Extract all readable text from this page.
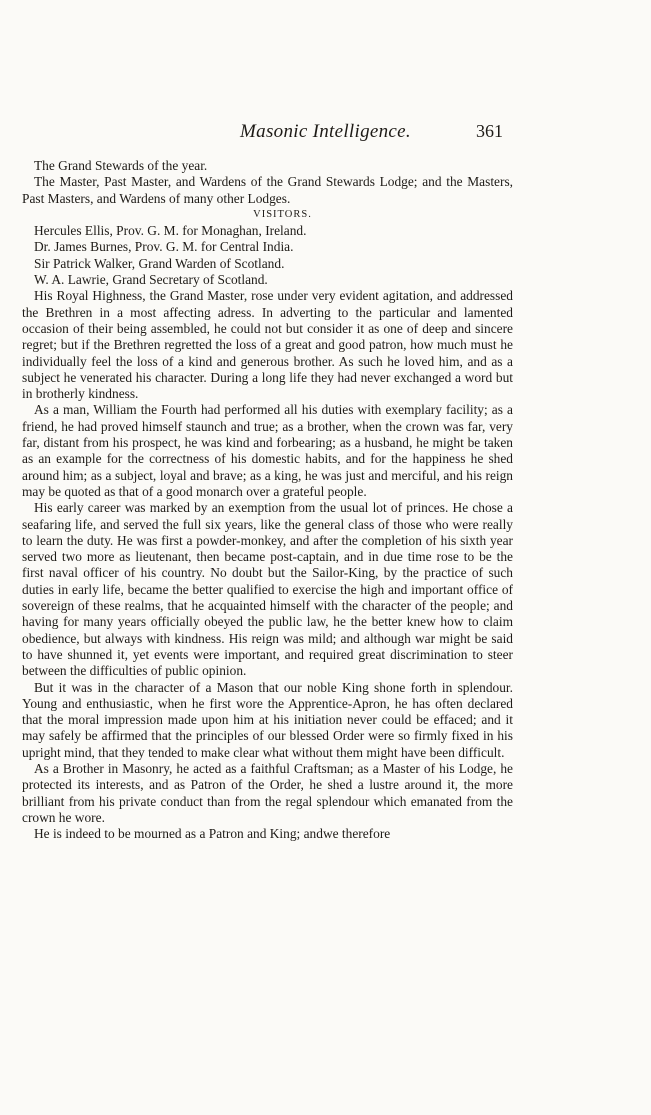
Masonic Intelligence.	361

The Grand Stewards of the year.

The Master, Past Master, and Wardens of the Grand Stewards Lodge; and the Masters, Past Masters, and Wardens of many other Lodges.

VISITORS.

Hercules Ellis, Prov. G. M. for Monaghan, Ireland.

Dr. James Burnes, Prov. G. M. for Central India.

Sir Patrick Walker, Grand Warden of Scotland.

W. A. Lawrie, Grand Secretary of Scotland.

His Royal Highness, the Grand Master, rose under very evident agitation, and addressed the Brethren in a most affecting adress. In adverting to the particular and lamented occasion of their being assembled, he could not but consider it as one of deep and sincere regret; but if the Brethren regretted the loss of a great and good patron, how much must he individually feel the loss of a kind and generous brother. As such he loved him, and as a subject he venerated his character. During a long life they had never exchanged a word but in brotherly kindness.

As a man, William the Fourth had performed all his duties with exemplary facility; as a friend, he had proved himself staunch and true; as a brother, when the crown was far, very far, distant from his prospect, he was kind and forbearing; as a husband, he might be taken as an example for the correctness of his domestic habits, and for the happiness he shed around him; as a subject, loyal and brave; as a king, he was just and merciful, and his reign may be quoted as that of a good monarch over a grateful people.

His early career was marked by an exemption from the usual lot of princes. He chose a seafaring life, and served the full six years, like the general class of those who were really to learn the duty. He was first a powder-monkey, and after the completion of his sixth year served two more as lieutenant, then became post-captain, and in due time rose to be the first naval officer of his country. No doubt but the Sailor-King, by the practice of such duties in early life, became the better qualified to exercise the high and important office of sovereign of these realms, that he acquainted himself with the character of the people; and having for many years officially obeyed the public law, he the better knew how to claim obedience, but always with kindness. His reign was mild; and although war might be said to have shunned it, yet events were important, and required great discrimination to steer between the difficulties of public opinion.

But it was in the character of a Mason that our noble King shone forth in splendour. Young and enthusiastic, when he first wore the Apprentice-Apron, he has often declared that the moral impression made upon him at his initiation never could be effaced; and it may safely be affirmed that the principles of our blessed Order were so firmly fixed in his upright mind, that they tended to make clear what without them might have been difficult.

As a Brother in Masonry, he acted as a faithful Craftsman; as a Master of his Lodge, he protected its interests, and as Patron of the Order, he shed a lustre around it, the more brilliant from his private conduct than from the regal splendour which emanated from the crown he wore.

He is indeed to be mourned as a Patron and King; andwe therefore
